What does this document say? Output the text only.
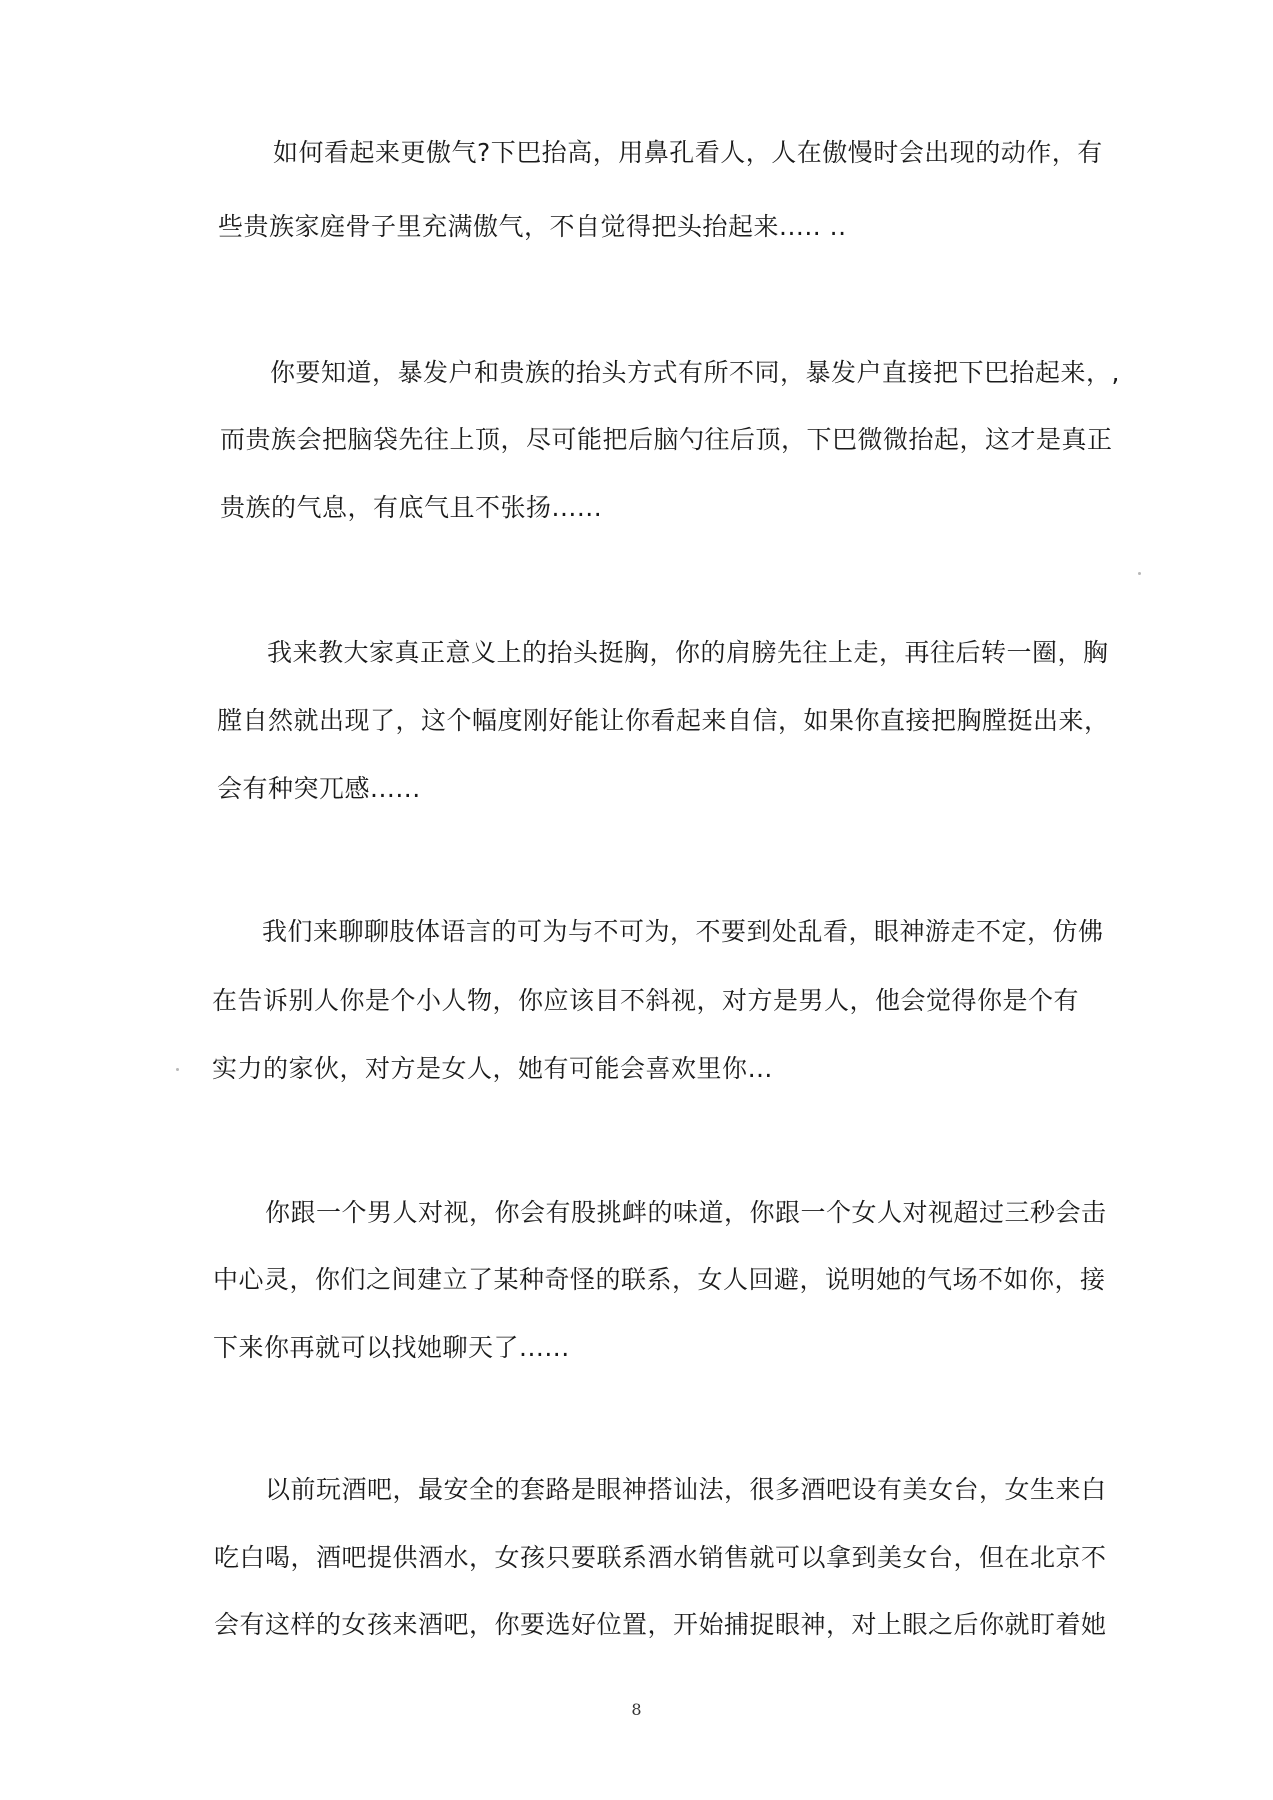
如何看起来更傲气?下巴抬高，用鼻孔看人，人在傲慢时会出现的动作，有
些贵族家庭骨子里充满傲气，不自觉得把头抬起来..... ..
你要知道，暴发户和贵族的抬头方式有所不同，暴发户直接把下巴抬起来，,
而贵族会把脑袋先往上顶，尽可能把后脑勺往后顶，下巴微微抬起，这才是真正
贵族的气息，有底气且不张扬......
我来教大家真正意义上的抬头挺胸，你的肩膀先往上走，再往后转一圈，胸
膛自然就出现了，这个幅度刚好能让你看起来自信，如果你直接把胸膛挺出来，
会有种突兀感......
我们来聊聊肢体语言的可为与不可为，不要到处乱看，眼神游走不定，仿佛
在告诉别人你是个小人物，你应该目不斜视，对方是男人，他会觉得你是个有
实力的家伙，对方是女人，她有可能会喜欢里你…
你跟一个男人对视，你会有股挑衅的味道，你跟一个女人对视超过三秒会击
中心灵，你们之间建立了某种奇怪的联系，女人回避，说明她的气场不如你，接
下来你再就可以找她聊天了......
以前玩酒吧，最安全的套路是眼神搭讪法，很多酒吧设有美女台，女生来白
吃白喝，酒吧提供酒水，女孩只要联系酒水销售就可以拿到美女台，但在北京不
会有这样的女孩来酒吧，你要选好位置，开始捕捉眼神，对上眼之后你就盯着她
8
